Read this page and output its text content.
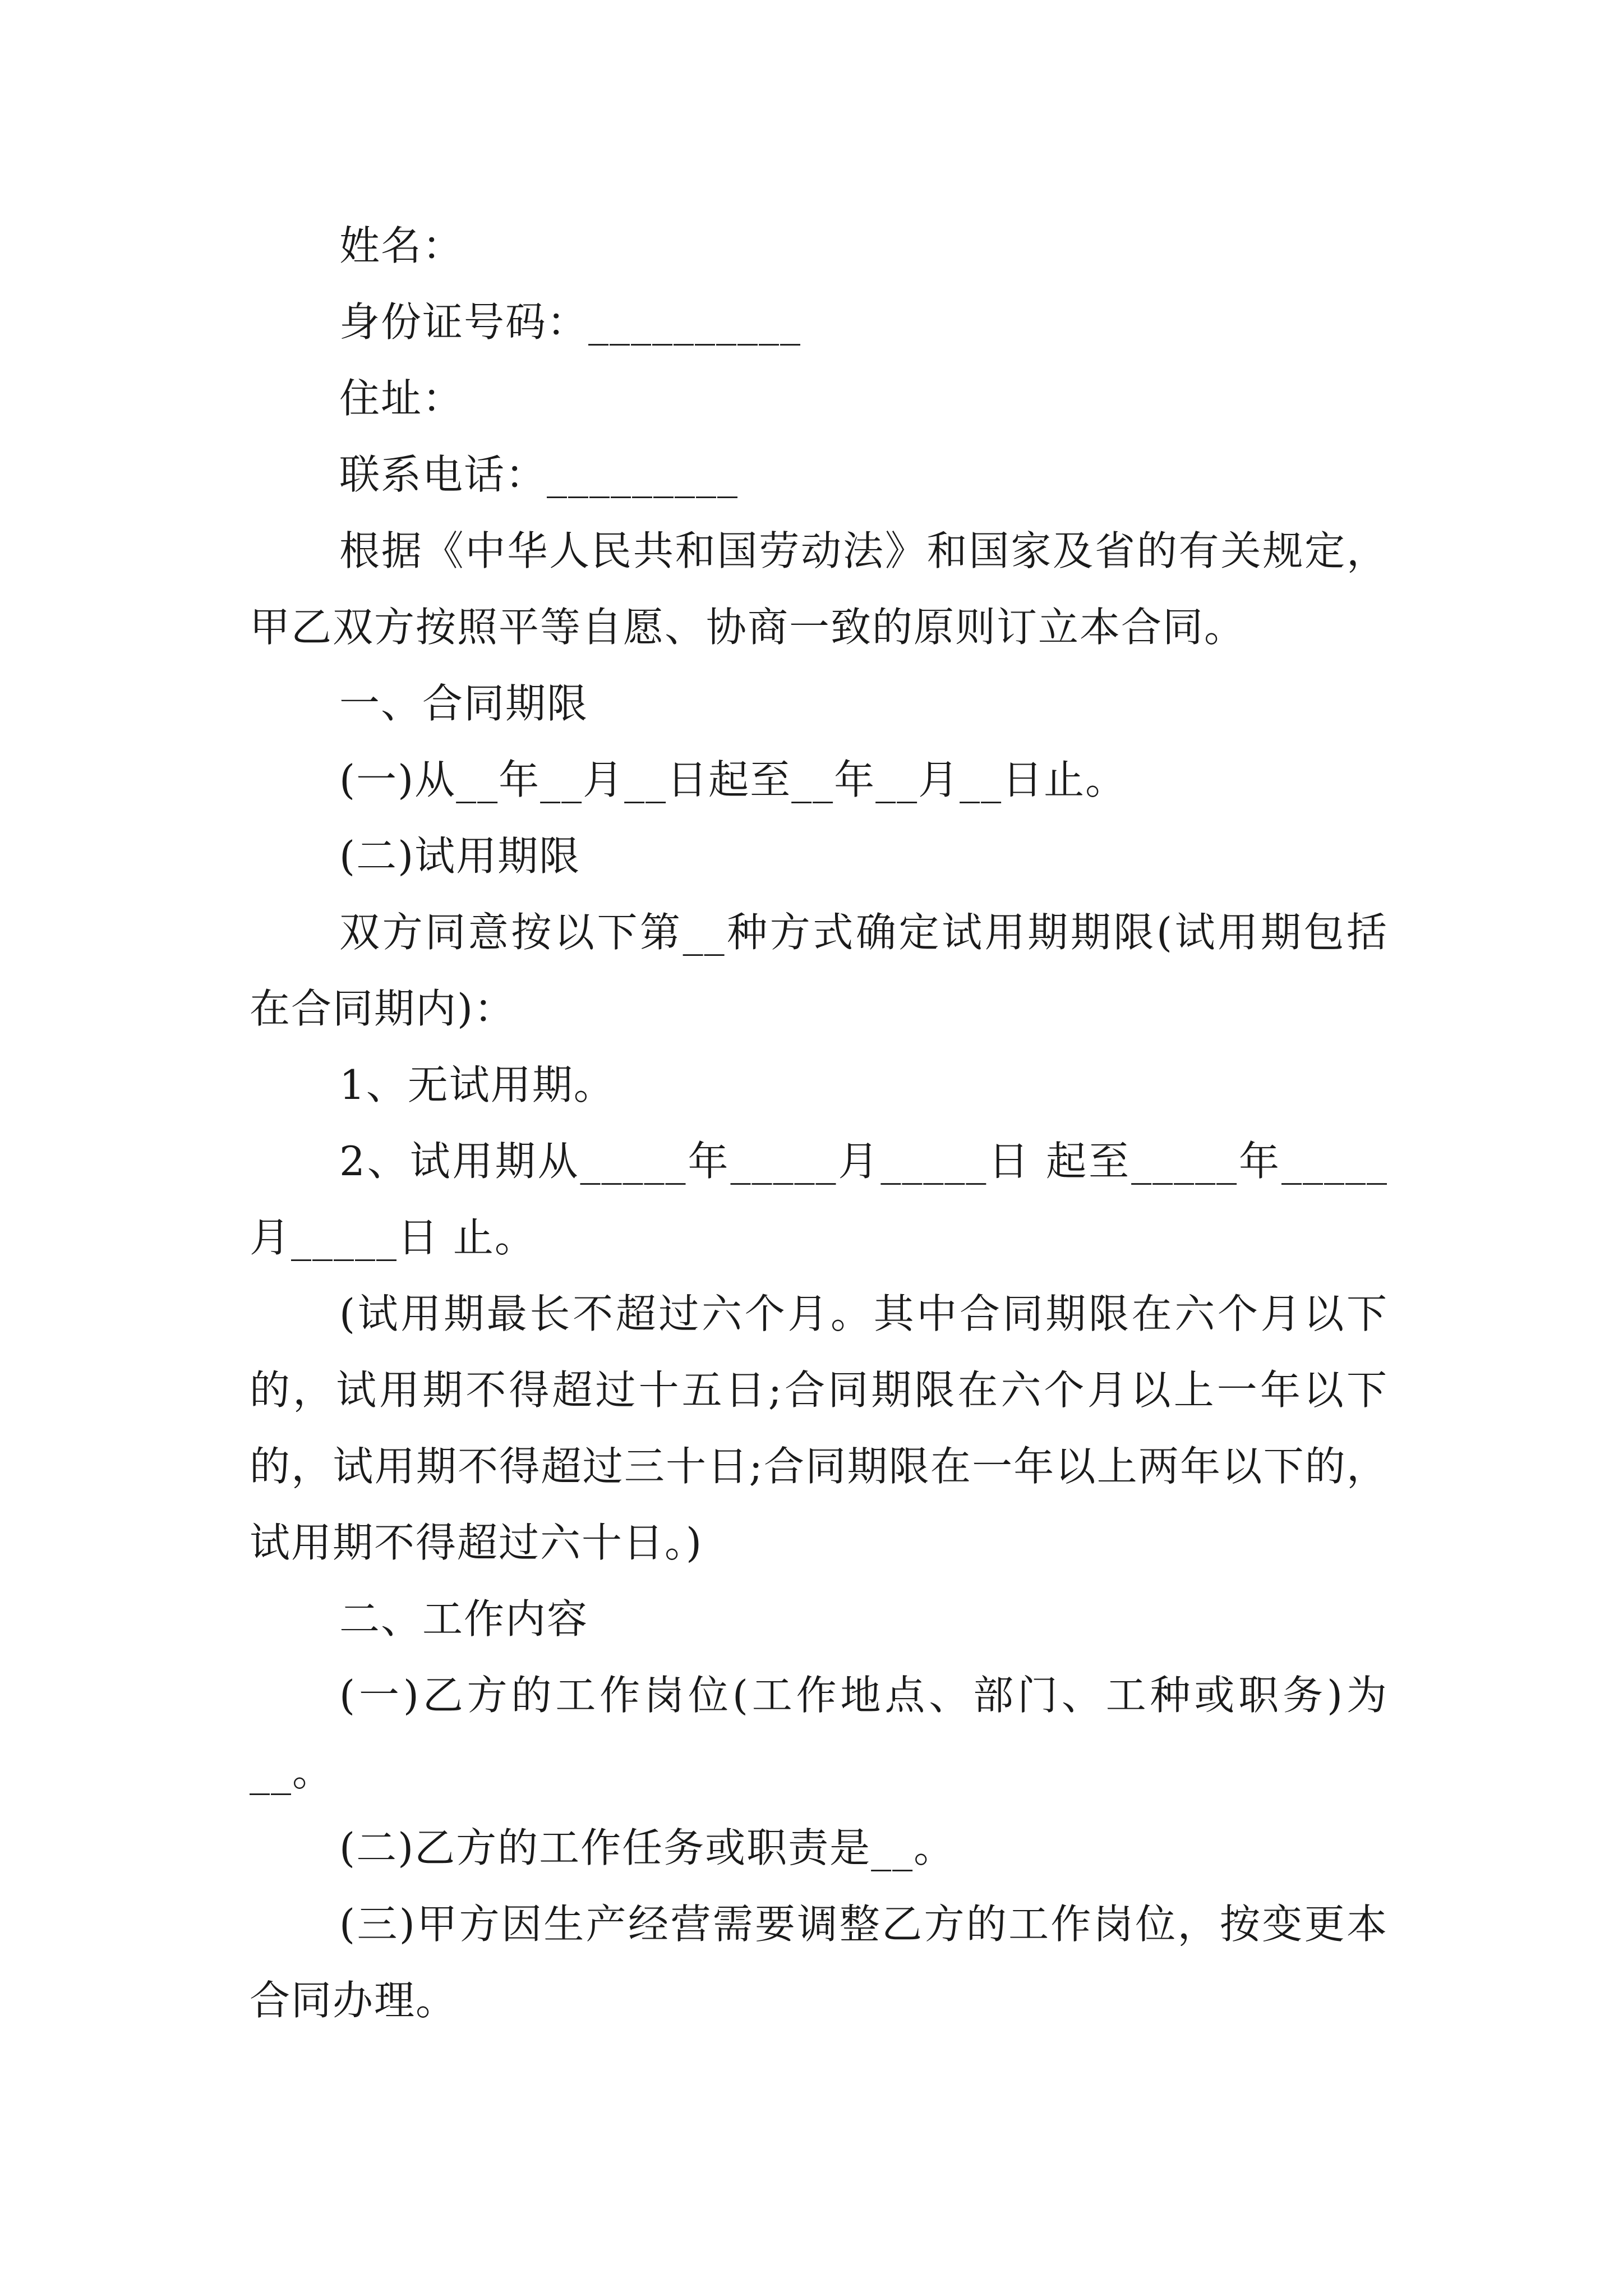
姓名：

身份证号码：__________

住址：

联系电话：_________

根据《中华人民共和国劳动法》和国家及省的有关规定，甲乙双方按照平等自愿、协商一致的原则订立本合同。

一、合同期限

(一)从__年__月__日起至__年__月__日止。

(二)试用期限

双方同意按以下第__种方式确定试用期期限(试用期包括在合同期内)：

1、无试用期。

2、试用期从_____年_____月_____日 起至_____年_____月_____日 止。

(试用期最长不超过六个月。其中合同期限在六个月以下的，试用期不得超过十五日;合同期限在六个月以上一年以下的，试用期不得超过三十日;合同期限在一年以上两年以下的，试用期不得超过六十日。)

二、工作内容

(一)乙方的工作岗位(工作地点、部门、工种或职务)为__。

(二)乙方的工作任务或职责是__。

(三)甲方因生产经营需要调整乙方的工作岗位，按变更本合同办理。
